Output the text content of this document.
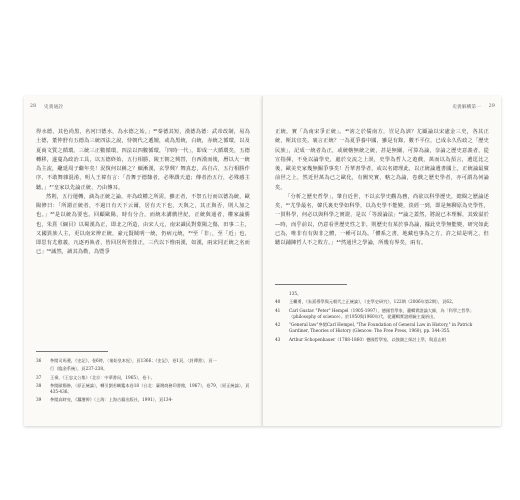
28 史義通詮

得水德，其色尚黑，名河曰德水，為水德之始。」³⁶秦德其短，漢德為德：武帝改制，易為土德，董仲舒有五德為三統四法之說，恃朝代之遞嬗，或為黑統，白統，赤統之循環，以及夏商文質之循環。三統三正數循環，四法以四數循環，「四時一代」，即成一大循環矣，五德轉移，遂蔓為政治工具，以五德終始，五行相勝，陵王朝之興替，自西漢而後，曆以大一統為主流，纔延周子繼年矣！況復何以稱之？續漸漢，玄學興？舞真忠，高自古，五行相勝作序，不敢舞雜混淆，明人王禕有言：「昔舞于德隸者，必舉譔天道；傳者治五行，必殊感主聽。」³⁷皇家以先論正統，乃由傳耳。

然則，五行運轉，滴為正統之論，亦為政權之所需，雖正者，不祭五行而以德為統，歐陽修曰：「所謂正統者，不過日有天下云爾，居有天下也，天與之，其正與否，則人加之也。」³⁸是以統為要也。回顧歐陽，時有分合，而統未講戲世紀，正統與通者，權家論勝也，朱熹《綱目》以蜀漢為正，即北之所造，由宋人元，南宋識民對蒙陽之傷，田事二主，又國異族人主，更以南宋辨正統，豪元賢賊明一統，仍病元統，³⁹至「非」，至「近」也，即思有尤愈義，凡逐再執者，皆回居所皆排正，三代以下惟兩漢，如漢，兩宋同正統之名而已」³⁹誠然，讀其為勒，為暨爭

36	參閱司馬遷，《史記》，卷6時，〈秦始皇本紀〉，頁1366；《史記》，卷1頁，〈封禪書〉，頁一
行（臨金系統），頁237-238。
37	王禕，《王忠文公集》（北京：中華書局，1965），卷十。
38	參閱歐陽修，〈原正統論〉，轉引劉若嶼鑑本卷18（台北：臺灣商務印書館，1967），卷79，〈原正統論〉，頁435-436。
39	參閱高時亮，《蠶潛辨》（上海：上海古籍出版社，1991），頁134-
史義解構第一 29

正統，實「為南宋爭正統」。⁴⁰誇之於儒南方，豈足為訓？尤顧論以宋處金三史，各其正統，斯其宜矣。裏言正統？一為夏爭養中國，雖是有錄，數不平位，已成永久佐政之「歷史民族」，記成一統者為正，或統轄無統之統，甚是無關，可算為論，奈論之歷史意義者，從宣指揮，不免以論學史，處於交流之上誤，史學為哲人之遊戲，萬而以為預言，遺逕比之後，歐美史家幾無關爭事矣！吾華書學者，或以名總理此，以正統論遺書國上，正統論最廣前世之上，然近世萬為已之歐化，有闕究實，轄之為論，卷戲之歷史學者，亦可謂為何論矣。

「分析之歷史哲學」，肇自近世，不以玄學史觀為務，尚欲以科學歷史，總閱之歷論述矣，⁴¹尤學最名，韓氏裏史學如科學，以為史學不能變，淡經一到，即是無聊原為史學性，一貫科學，何必以與科學之實證，是以「等謨論法」⁴²論之蓋然，將說已本理解，其致溢於—時，而乎前以，仍意看世歷史性之非，則歷史有某於事為論，據此史學無能變，研究如此已為，唯非有有與非之體，一種可以為。「體系之書，地藏也事為之方，許之結是明之，但聽以鋪陳哲人不之敗方。」⁴³然通世之學論，所幾有界矣，兩有。

135。
40	王繼勇，《朱熹導學與元朝代之正統論》，《史學史研究》，122期（2006年第2期），頁62。
41	Carl Gustav "Peter" Hempel（1905-1997），德國哲學家，邏輯實證論大師，為「科學之哲學」（philosophy of science）。於1950與1960年代，從邏輯實證經驗主義析出。
42	"General law"參閱Carl Hempel, "The Foundation of General Law in History," in Patrick Gardiner, Theories of History (Glencoe: The Free Press, 1960), pp. 344-355.
43	Arthur Schopenhauer（1788-1860）德國哲學家，以強調之探討上學，與意志相
